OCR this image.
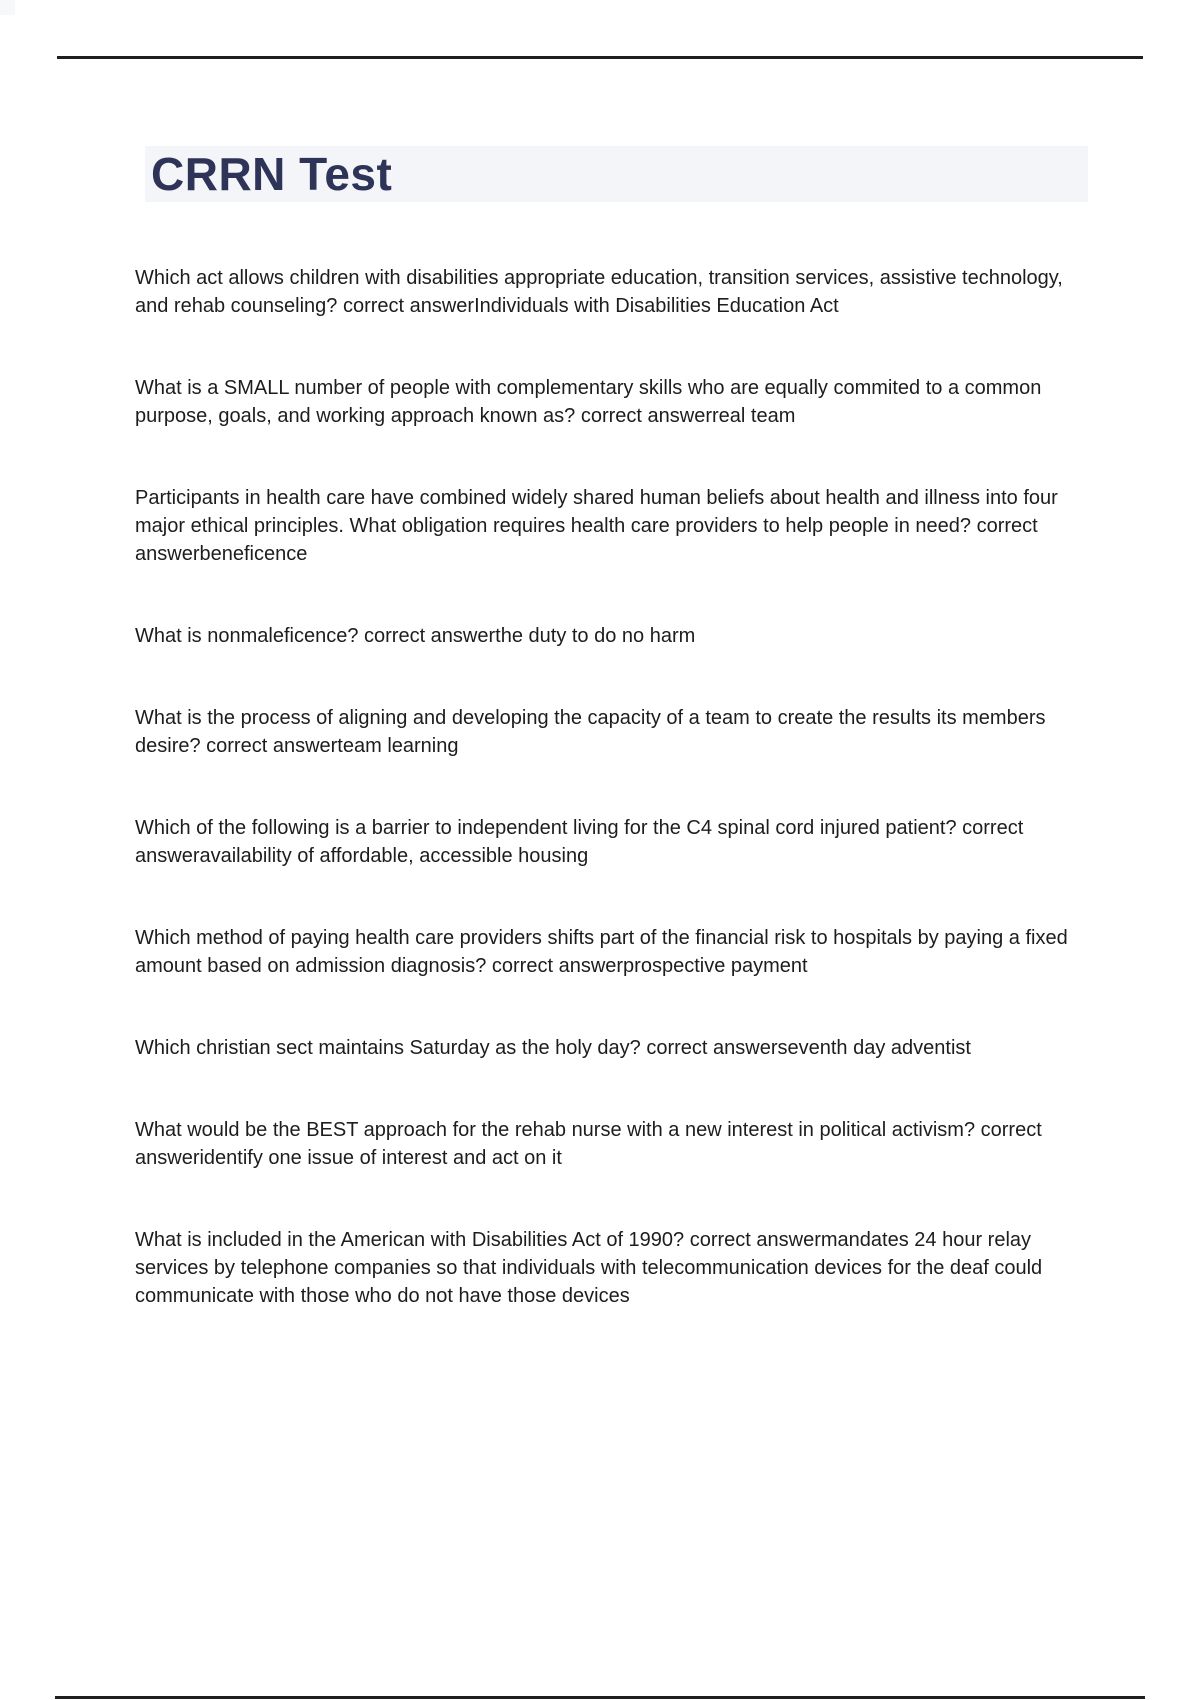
CRRN Test

Which act allows children with disabilities appropriate education, transition services, assistive technology, and rehab counseling? correct answerIndividuals with Disabilities Education Act

What is a SMALL number of people with complementary skills who are equally commited to a common purpose, goals, and working approach known as? correct answerreal team

Participants in health care have combined widely shared human beliefs about health and illness into four major ethical principles. What obligation requires health care providers to help people in need? correct answerbeneficence

What is nonmaleficence? correct answerthe duty to do no harm

What is the process of aligning and developing the capacity of a team to create the results its members desire? correct answerteam learning

Which of the following is a barrier to independent living for the C4 spinal cord injured patient? correct answeravailability of affordable, accessible housing

Which method of paying health care providers shifts part of the financial risk to hospitals by paying a fixed amount based on admission diagnosis? correct answerprospective payment

Which christian sect maintains Saturday as the holy day? correct answerseventh day adventist

What would be the BEST approach for the rehab nurse with a new interest in political activism? correct answeridentify one issue of interest and act on it

What is included in the American with Disabilities Act of 1990? correct answermandates 24 hour relay services by telephone companies so that individuals with telecommunication devices for the deaf could communicate with those who do not have those devices
